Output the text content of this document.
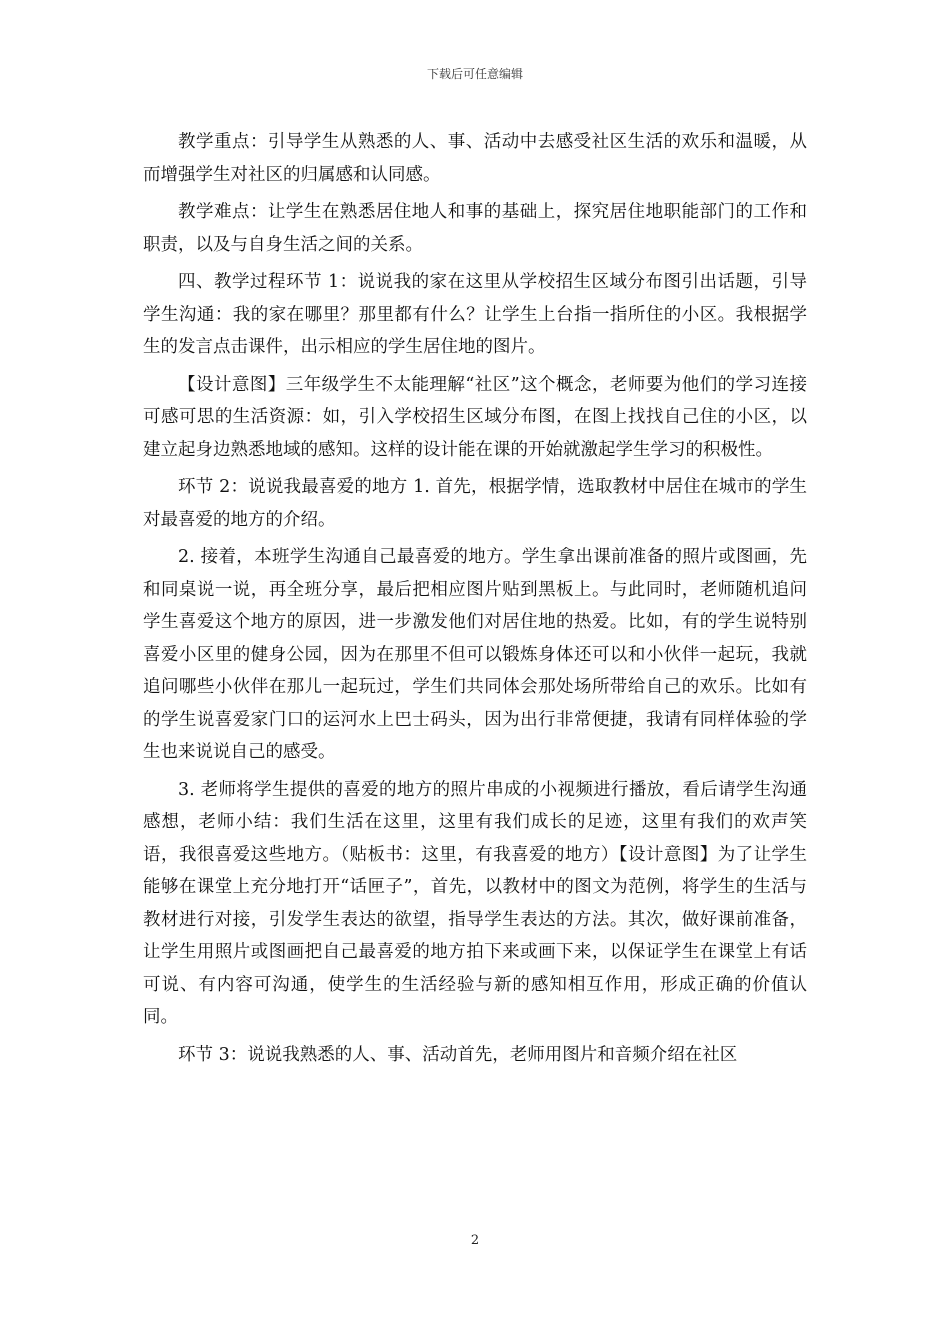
下载后可任意编辑

教学重点：引导学生从熟悉的人、事、活动中去感受社区生活的欢乐和温暖，从而增强学生对社区的归属感和认同感。

教学难点：让学生在熟悉居住地人和事的基础上，探究居住地职能部门的工作和职责，以及与自身生活之间的关系。

四、教学过程环节 1：说说我的家在这里从学校招生区域分布图引出话题，引导学生沟通：我的家在哪里？那里都有什么？让学生上台指一指所住的小区。我根据学生的发言点击课件，出示相应的学生居住地的图片。

【设计意图】三年级学生不太能理解“社区”这个概念，老师要为他们的学习连接可感可思的生活资源：如，引入学校招生区域分布图，在图上找找自己住的小区，以建立起身边熟悉地域的感知。这样的设计能在课的开始就激起学生学习的积极性。

环节 2：说说我最喜爱的地方 1. 首先，根据学情，选取教材中居住在城市的学生对最喜爱的地方的介绍。

2. 接着，本班学生沟通自己最喜爱的地方。学生拿出课前准备的照片或图画，先和同桌说一说，再全班分享，最后把相应图片贴到黑板上。与此同时，老师随机追问学生喜爱这个地方的原因，进一步激发他们对居住地的热爱。比如，有的学生说特别喜爱小区里的健身公园，因为在那里不但可以锻炼身体还可以和小伙伴一起玩，我就追问哪些小伙伴在那儿一起玩过，学生们共同体会那处场所带给自己的欢乐。比如有的学生说喜爱家门口的运河水上巴士码头，因为出行非常便捷，我请有同样体验的学生也来说说自己的感受。

3. 老师将学生提供的喜爱的地方的照片串成的小视频进行播放，看后请学生沟通感想，老师小结：我们生活在这里，这里有我们成长的足迹，这里有我们的欢声笑语，我很喜爱这些地方。（贴板书：这里，有我喜爱的地方）【设计意图】为了让学生能够在课堂上充分地打开“话匣子”，首先，以教材中的图文为范例，将学生的生活与教材进行对接，引发学生表达的欲望，指导学生表达的方法。其次，做好课前准备，让学生用照片或图画把自己最喜爱的地方拍下来或画下来，以保证学生在课堂上有话可说、有内容可沟通，使学生的生活经验与新的感知相互作用，形成正确的价值认同。

环节 3：说说我熟悉的人、事、活动首先，老师用图片和音频介绍在社区

2
